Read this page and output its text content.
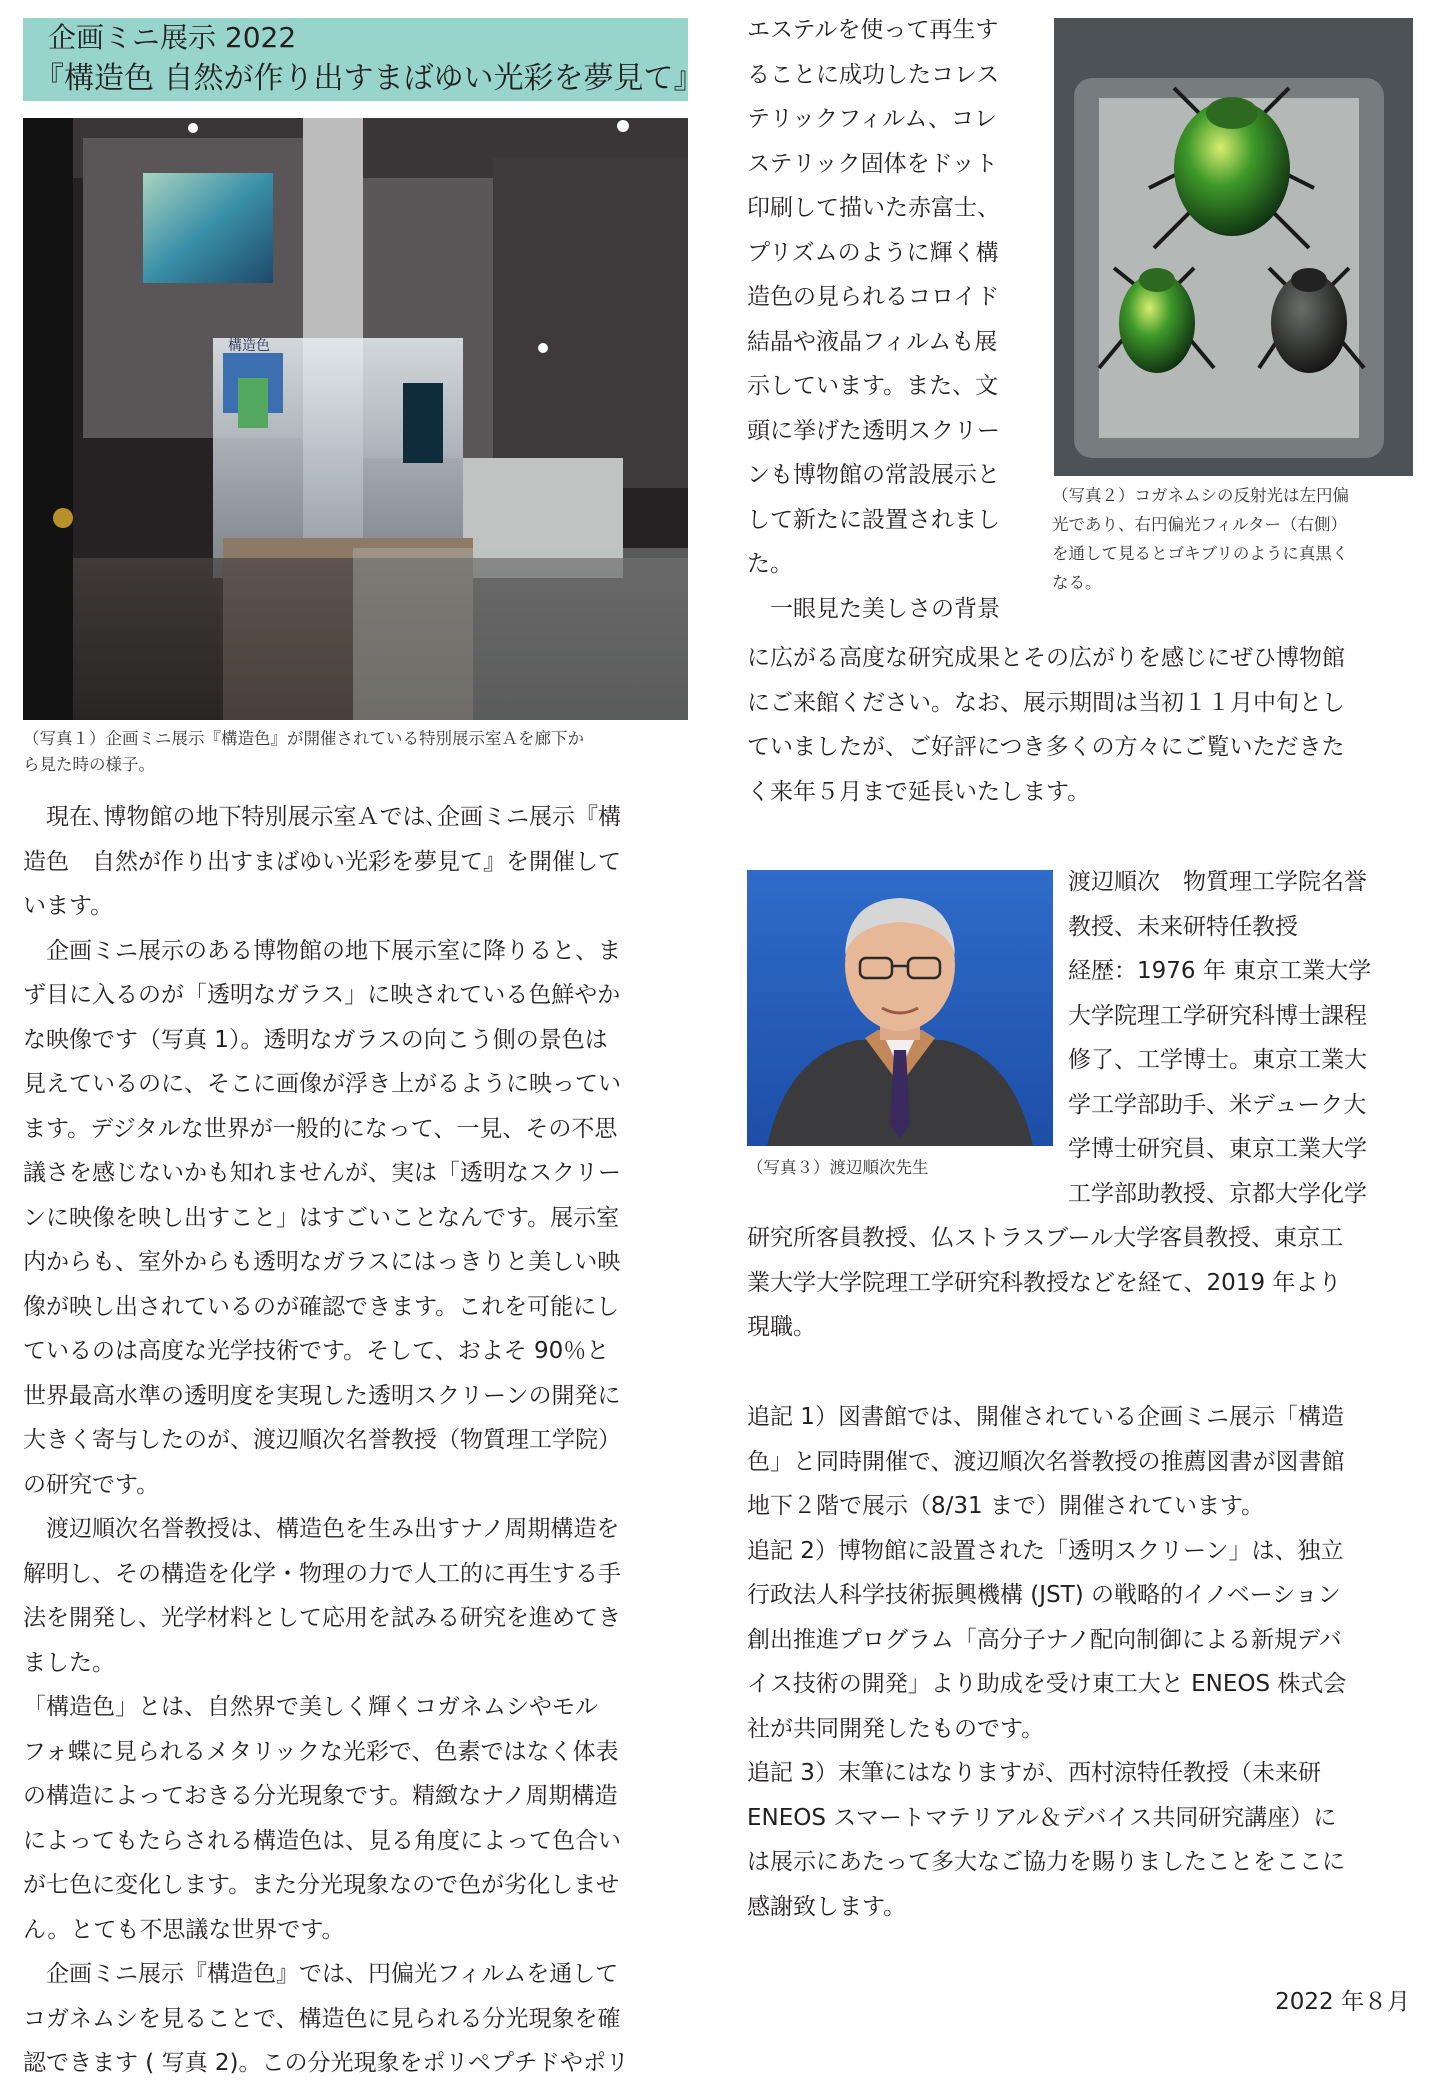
企画ミニ展示 2022
『構造色 自然が作り出すまばゆい光彩を夢見て』
構造色

（写真１）企画ミニ展示『構造色』が開催されている特別展示室Ａを廊下か

ら見た時の様子。

　現在､博物館の地下特別展示室Ａでは､企画ミニ展示『構

造色　自然が作り出すまばゆい光彩を夢見て』を開催して

います。

　企画ミニ展示のある博物館の地下展示室に降りると、ま

ず目に入るのが「透明なガラス」に映されている色鮮やか

な映像です（写真 1）。透明なガラスの向こう側の景色は

見えているのに、そこに画像が浮き上がるように映ってい

ます。デジタルな世界が一般的になって、一見、その不思

議さを感じないかも知れませんが、実は「透明なスクリー

ンに映像を映し出すこと」はすごいことなんです。展示室

内からも、室外からも透明なガラスにはっきりと美しい映

像が映し出されているのが確認できます。これを可能にし

ているのは高度な光学技術です。そして、およそ 90％と

世界最高水準の透明度を実現した透明スクリーンの開発に

大きく寄与したのが、渡辺順次名誉教授（物質理工学院）

の研究です。

　渡辺順次名誉教授は、構造色を生み出すナノ周期構造を

解明し、その構造を化学・物理の力で人工的に再生する手

法を開発し、光学材料として応用を試みる研究を進めてき

ました。

「構造色」とは、自然界で美しく輝くコガネムシやモル

フォ蝶に見られるメタリックな光彩で、色素ではなく体表

の構造によっておきる分光現象です。精緻なナノ周期構造

によってもたらされる構造色は、見る角度によって色合い

が七色に変化します。また分光現象なので色が劣化しませ

ん。とても不思議な世界です。

　企画ミニ展示『構造色』では、円偏光フィルムを通して

コガネムシを見ることで、構造色に見られる分光現象を確

認できます ( 写真 2)。この分光現象をポリペプチドやポリ

エステルを使って再生す

ることに成功したコレス

テリックフィルム、コレ

ステリック固体をドット

印刷して描いた赤富士、

プリズムのように輝く構

造色の見られるコロイド

結晶や液晶フィルムも展

示しています。また、文

頭に挙げた透明スクリー

ンも博物館の常設展示と

して新たに設置されまし

た。

　一眼見た美しさの背景

（写真２）コガネムシの反射光は左円偏

光であり、右円偏光フィルター（右側）

を通して見るとゴキブリのように真黒く

なる。

に広がる高度な研究成果とその広がりを感じにぜひ博物館

にご来館ください。なお、展示期間は当初１１月中旬とし

ていましたが、ご好評につき多くの方々にご覧いただきた

く来年５月まで延長いたします。

（写真３）渡辺順次先生

渡辺順次　物質理工学院名誉

教授、未来研特任教授

経歴：1976 年 東京工業大学

大学院理工学研究科博士課程

修了、工学博士。東京工業大

学工学部助手、米デューク大

学博士研究員、東京工業大学

工学部助教授、京都大学化学

研究所客員教授、仏ストラスブール大学客員教授、東京工

業大学大学院理工学研究科教授などを経て、2019 年より

現職。

追記 1）図書館では、開催されている企画ミニ展示「構造

色」と同時開催で、渡辺順次名誉教授の推薦図書が図書館

地下２階で展示（8/31 まで）開催されています。

追記 2）博物館に設置された「透明スクリーン」は、独立

行政法人科学技術振興機構 (JST) の戦略的イノベーション

創出推進プログラム「高分子ナノ配向制御による新規デバ

イス技術の開発」より助成を受け東工大と ENEOS 株式会

社が共同開発したものです。

追記 3）末筆にはなりますが、西村涼特任教授（未来研

ENEOS スマートマテリアル＆デバイス共同研究講座）に

は展示にあたって多大なご協力を賜りましたことをここに

感謝致します。

2022 年８月
